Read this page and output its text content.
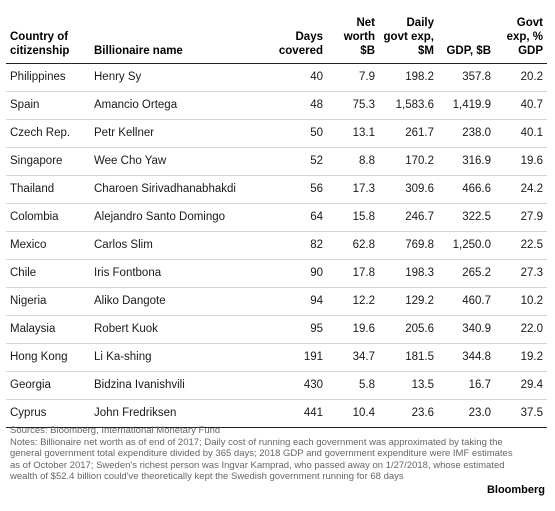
Country of citizenship	Billionaire name	Days covered	Net worth $B	Daily govt exp, $M	GDP, $B	Govt exp, % GDP
Philippines	Henry Sy	40	7.9	198.2	357.8	20.2
Spain	Amancio Ortega	48	75.3	1,583.6	1,419.9	40.7
Czech Rep.	Petr Kellner	50	13.1	261.7	238.0	40.1
Singapore	Wee Cho Yaw	52	8.8	170.2	316.9	19.6
Thailand	Charoen Sirivadhanabhakdi	56	17.3	309.6	466.6	24.2
Colombia	Alejandro Santo Domingo	64	15.8	246.7	322.5	27.9
Mexico	Carlos Slim	82	62.8	769.8	1,250.0	22.5
Chile	Iris Fontbona	90	17.8	198.3	265.2	27.3
Nigeria	Aliko Dangote	94	12.2	129.2	460.7	10.2
Malaysia	Robert Kuok	95	19.6	205.6	340.9	22.0
Hong Kong	Li Ka-shing	191	34.7	181.5	344.8	19.2
Georgia	Bidzina Ivanishvili	430	5.8	13.5	16.7	29.4
Cyprus	John Fredriksen	441	10.4	23.6	23.0	37.5
Sources: Bloomberg, International Monetary Fund
Notes: Billionaire net worth as of end of 2017; Daily cost of running each government was approximated by taking the general government total expenditure divided by 365 days; 2018 GDP and government expenditure were IMF estimates as of October 2017; Sweden's richest person was Ingvar Kamprad, who passed away on 1/27/2018, whose estimated wealth of $52.4 billion could've theoretically kept the Swedish government running for 68 days
Bloomberg
